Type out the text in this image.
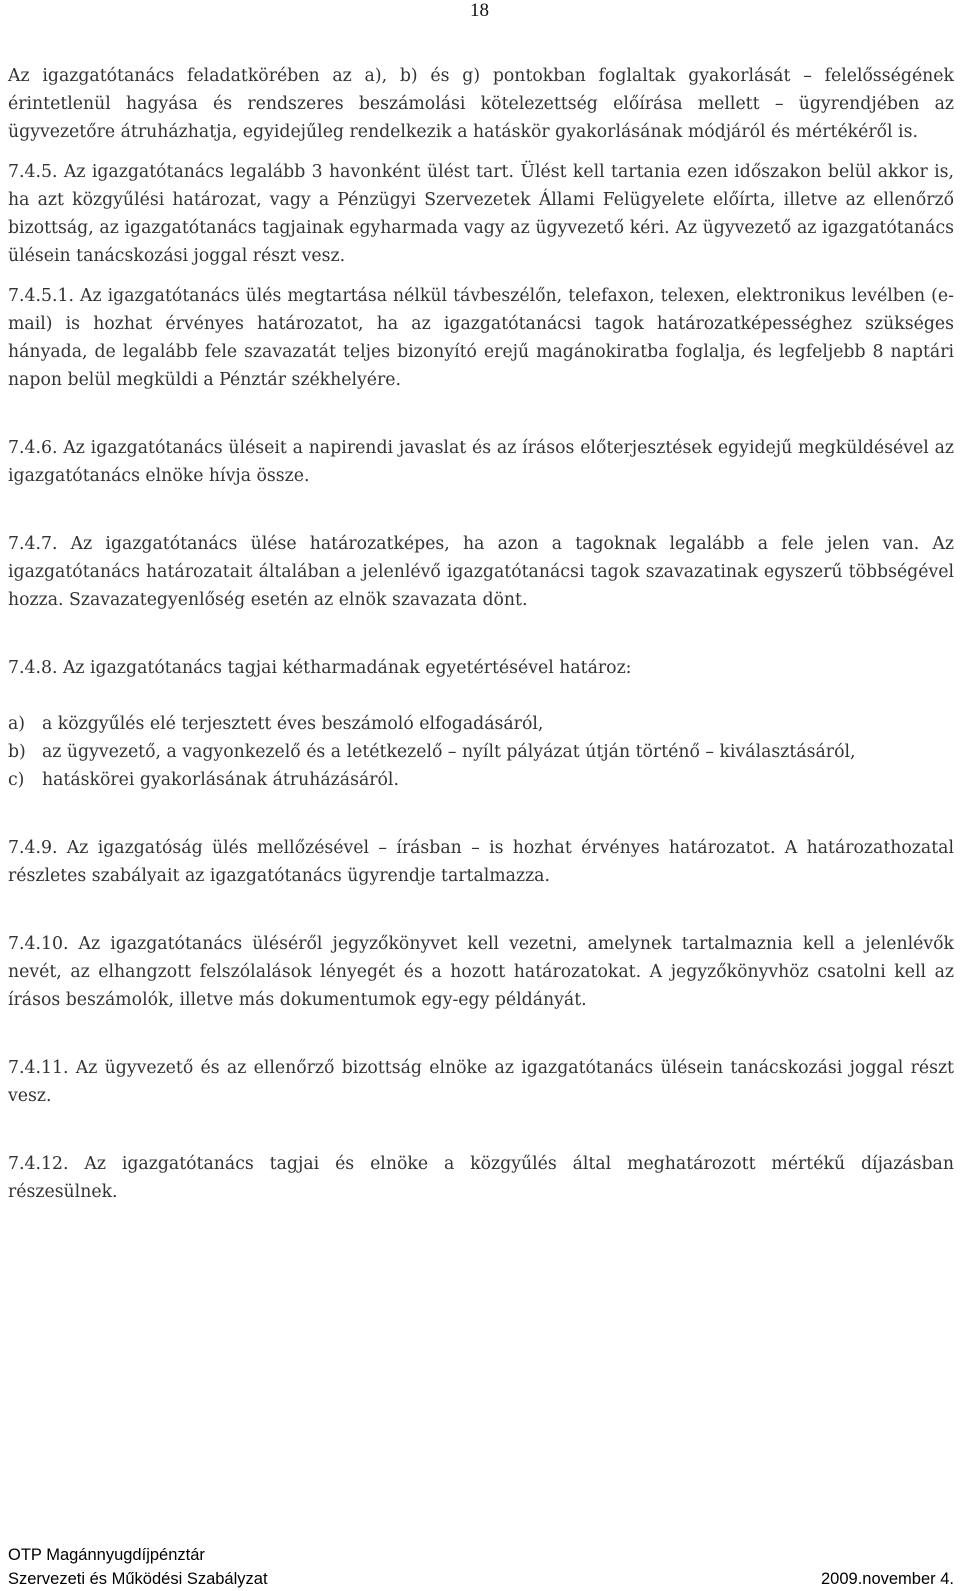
18

Az igazgatótanács feladatkörében az a), b) és g) pontokban foglaltak gyakorlását – felelősségének érintetlenül hagyása és rendszeres beszámolási kötelezettség előírása mellett – ügyrendjében az ügyvezetőre átruházhatja, egyidejűleg rendelkezik a hatáskör gyakorlásának módjáról és mértékéről is.

7.4.5. Az igazgatótanács legalább 3 havonként ülést tart. Ülést kell tartania ezen időszakon belül akkor is, ha azt közgyűlési határozat, vagy a Pénzügyi Szervezetek Állami Felügyelete előírta, illetve az ellenőrző bizottság, az igazgatótanács tagjainak egyharmada vagy az ügyvezető kéri. Az ügyvezető az igazgatótanács ülésein tanácskozási joggal részt vesz.

7.4.5.1. Az igazgatótanács ülés megtartása nélkül távbeszélőn, telefaxon, telexen, elektronikus levélben (e-mail) is hozhat érvényes határozatot, ha az igazgatótanácsi tagok határozatképességhez szükséges hányada, de legalább fele szavazatát teljes bizonyító erejű magánokiratba foglalja, és legfeljebb 8 naptári napon belül megküldi a Pénztár székhelyére.

7.4.6. Az igazgatótanács üléseit a napirendi javaslat és az írásos előterjesztések egyidejű megküldésével az igazgatótanács elnöke hívja össze.

7.4.7. Az igazgatótanács ülése határozatképes, ha azon a tagoknak legalább a fele jelen van. Az igazgatótanács határozatait általában a jelenlévő igazgatótanácsi tagok szavazatinak egyszerű többségével hozza. Szavazategyenlőség esetén az elnök szavazata dönt.

7.4.8. Az igazgatótanács tagjai kétharmadának egyetértésével határoz:

a) a közgyűlés elé terjesztett éves beszámoló elfogadásáról,
b) az ügyvezető, a vagyonkezelő és a letétkezelő – nyílt pályázat útján történő – kiválasztásáról,
c)	hatáskörei gyakorlásának átruházásáról.

7.4.9. Az igazgatóság ülés mellőzésével – írásban – is hozhat érvényes határozatot. A határozathozatal részletes szabályait az igazgatótanács ügyrendje tartalmazza.

7.4.10. Az igazgatótanács üléséről jegyzőkönyvet kell vezetni, amelynek tartalmaznia kell a jelenlévők nevét, az elhangzott felszólalások lényegét és a hozott határozatokat. A jegyzőkönyvhöz csatolni kell az írásos beszámolók, illetve más dokumentumok egy-egy példányát.

7.4.11. Az ügyvezető és az ellenőrző bizottság elnöke az igazgatótanács ülésein tanácskozási joggal részt vesz.

7.4.12. Az igazgatótanács tagjai és elnöke a közgyűlés által meghatározott mértékű díjazásban részesülnek.

OTP Magánnyugdíjpénztár
Szervezeti és Működési Szabályzat	2009.november 4.
